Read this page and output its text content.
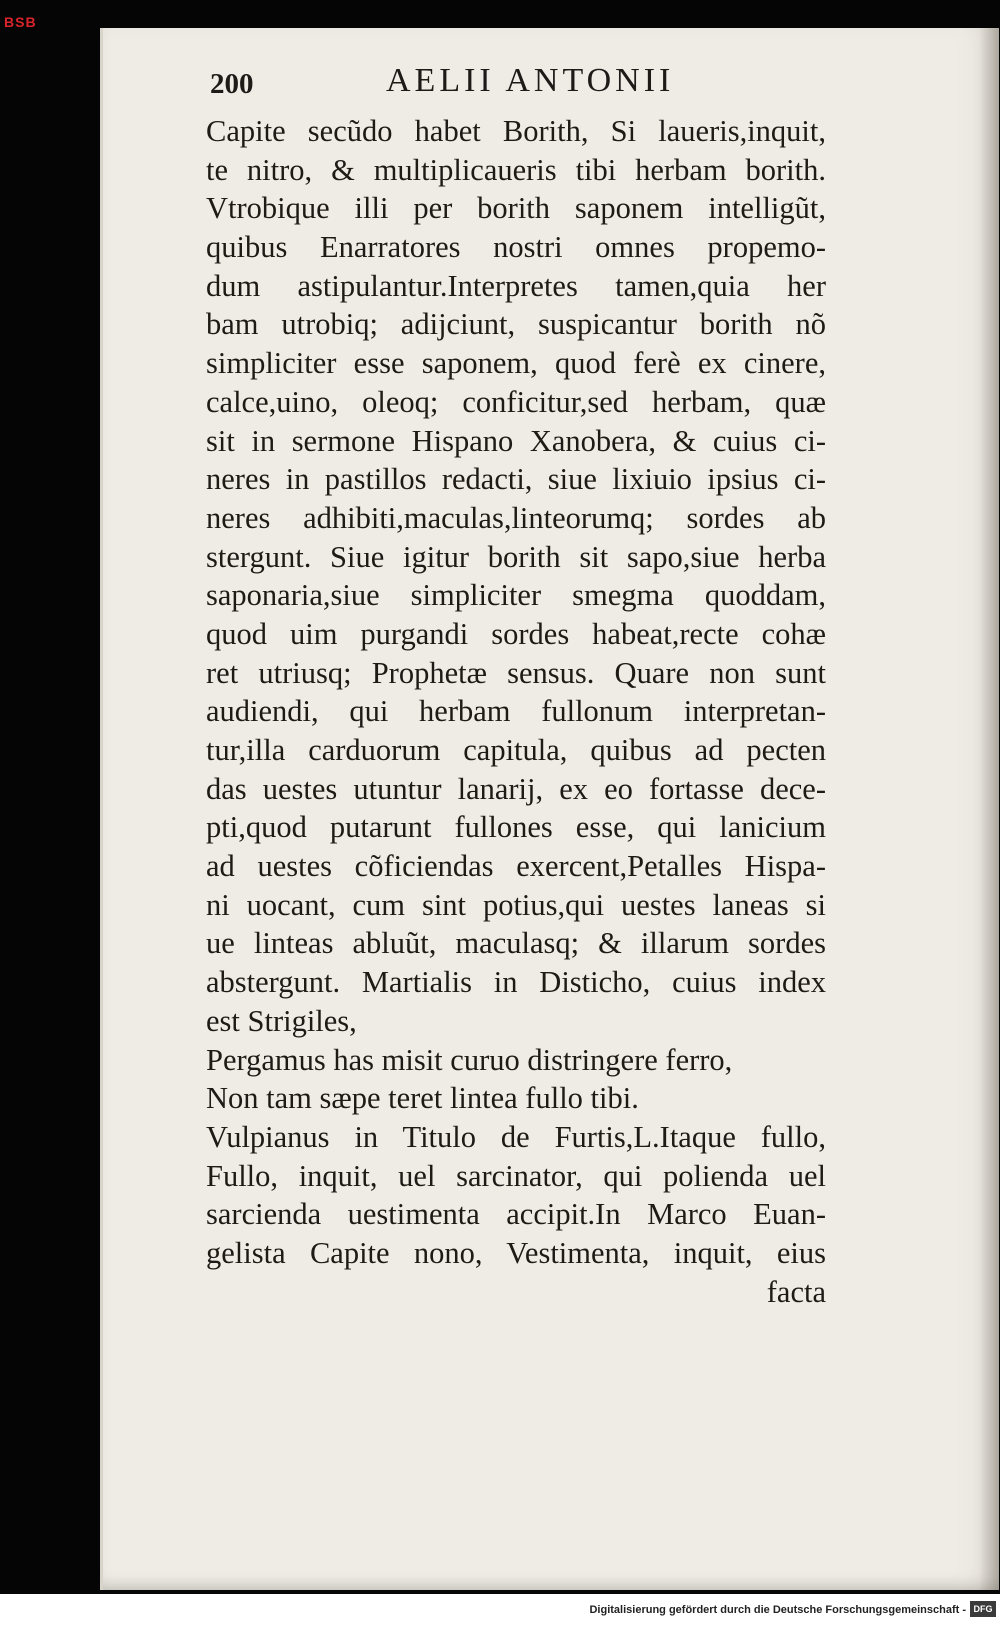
BSB
200	AELII ANTONII
Capite secũdo habet Borith, Si laueris,inquit,
te nitro, & multiplicaueris tibi herbam borith.
Vtrobique illi per borith saponem intelligũt,
quibus Enarratores nostri omnes propemo-
dum astipulantur.Interpretes tamen,quia her
bam utrobiq; adijciunt, suspicantur borith nõ
simpliciter esse saponem, quod ferè ex cinere,
calce,uino, oleoq; conficitur,sed herbam, quæ
sit in sermone Hispano Xanobera, & cuius ci-
neres in pastillos redacti, siue lixiuio ipsius ci-
neres adhibiti,maculas,linteorumq; sordes ab
stergunt. Siue igitur borith sit sapo,siue herba
saponaria,siue simpliciter smegma quoddam,
quod uim purgandi sordes habeat,recte cohæ
ret utriusq; Prophetæ sensus. Quare non sunt
audiendi, qui herbam fullonum interpretan-
tur,illa carduorum capitula, quibus ad pecten
das uestes utuntur lanarij, ex eo fortasse dece-
pti,quod putarunt fullones esse, qui lanicium
ad uestes cõficiendas exercent,Petalles Hispa-
ni uocant, cum sint potius,qui uestes laneas si
ue linteas abluũt, maculasq; & illarum sordes
abstergunt. Martialis in Disticho, cuius index
est Strigiles,
Pergamus has misit curuo distringere ferro,
Non tam sæpe teret lintea fullo tibi.
Vulpianus in Titulo de Furtis,L.Itaque fullo,
Fullo, inquit, uel sarcinator, qui polienda uel
sarcienda uestimenta accipit.In Marco Euan-
gelista Capite nono, Vestimenta, inquit, eius
facta
Digitalisierung gefördert durch die Deutsche Forschungsgemeinschaft - DFG
